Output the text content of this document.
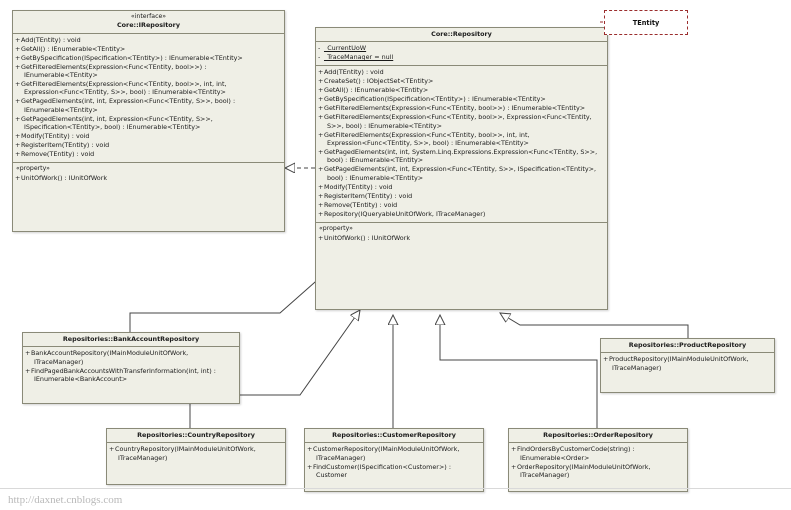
«interface»
Core::IRepository
+Add(TEntity) : void
+GetAll() : IEnumerable<TEntity>
+GetBySpecification(ISpecification<TEntity>) : IEnumerable<TEntity>
+GetFilteredElements(Expression<Func<TEntity, bool>>) : IEnumerable<TEntity>
+GetFilteredElements(Expression<Func<TEntity, bool>>, int, int, Expression<Func<TEntity, S>>, bool) : IEnumerable<TEntity>
+GetPagedElements(int, int, Expression<Func<TEntity, S>>, bool) : IEnumerable<TEntity>
+GetPagedElements(int, int, Expression<Func<TEntity, S>>, ISpecification<TEntity>, bool) : IEnumerable<TEntity>
+Modify(TEntity) : void
+RegisterItem(TEntity) : void
+Remove(TEntity) : void
«property»
+UnitOfWork() : IUnitOfWork
Core::Repository
- _CurrentUoW
- _TraceManager = null
+Add(TEntity) : void
+CreateSet() : IObjectSet<TEntity>
+GetAll() : IEnumerable<TEntity>
+GetBySpecification(ISpecification<TEntity>) : IEnumerable<TEntity>
+GetFilteredElements(Expression<Func<TEntity, bool>>) : IEnumerable<TEntity>
+GetFilteredElements(Expression<Func<TEntity, bool>>, Expression<Func<TEntity, S>>, bool) : IEnumerable<TEntity>
+GetFilteredElements(Expression<Func<TEntity, bool>>, int, int, Expression<Func<TEntity, S>>, bool) : IEnumerable<TEntity>
+GetPagedElements(int, int, System.Linq.Expressions.Expression<Func<TEntity, S>>, bool) : IEnumerable<TEntity>
+GetPagedElements(int, int, Expression<Func<TEntity, S>>, ISpecification<TEntity>, bool) : IEnumerable<TEntity>
+Modify(TEntity) : void
+RegisterItem(TEntity) : void
+Remove(TEntity) : void
+Repository(IQueryableUnitOfWork, ITraceManager)
«property»
+UnitOfWork() : IUnitOfWork
TEntity
Repositories::BankAccountRepository
+BankAccountRepository(IMainModuleUnitOfWork, ITraceManager)
+FindPagedBankAccountsWithTransferInformation(int, int) : IEnumerable<BankAccount>
Repositories::CountryRepository
+CountryRepository(IMainModuleUnitOfWork, ITraceManager)
Repositories::CustomerRepository
+CustomerRepository(IMainModuleUnitOfWork, ITraceManager)
+FindCustomer(ISpecification<Customer>) : Customer
Repositories::OrderRepository
+FindOrdersByCustomerCode(string) : IEnumerable<Order>
+OrderRepository(IMainModuleUnitOfWork, ITraceManager)
Repositories::ProductRepository
+ProductRepository(IMainModuleUnitOfWork, ITraceManager)
http://daxnet.cnblogs.com
